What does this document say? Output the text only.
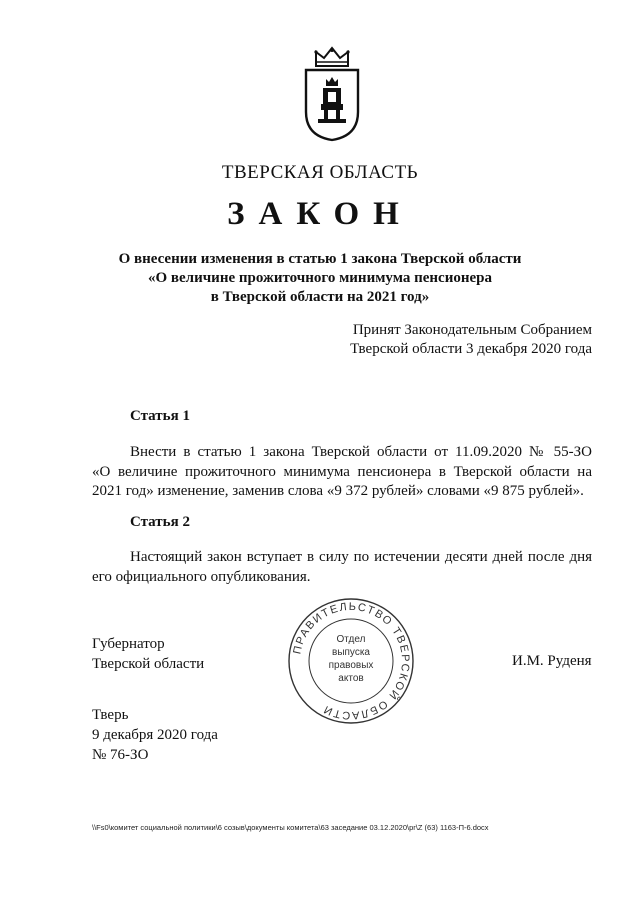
ТВЕРСКАЯ ОБЛАСТЬ
ЗАКОН
О внесении изменения в статью 1 закона Тверской области
«О величине прожиточного минимума пенсионера
в Тверской области на 2021 год»
Принят Законодательным Собранием
Тверской области 3 декабря 2020 года
Статья 1
Внести в статью 1 закона Тверской области от 11.09.2020 № 55-ЗО
«О величине прожиточного минимума пенсионера в Тверской области на
2021 год» изменение, заменив слова «9 372 рублей» словами «9 875 рублей».
Статья 2
Настоящий закон вступает в силу по истечении десяти дней после дня
его официального опубликования.
Губернатор
Тверской области	И.М. Руденя
ПРАВИТЕЛЬСТВО ТВЕРСКОЙ ОБЛАСТИ
Отдел
выпуска
правовых
актов
Тверь
9 декабря 2020 года
№ 76-ЗО
\\Fs0\комитет социальной политики\6 созыв\документы комитета\63 заседание 03.12.2020\pr\Z (63) 1163-П-6.docx
